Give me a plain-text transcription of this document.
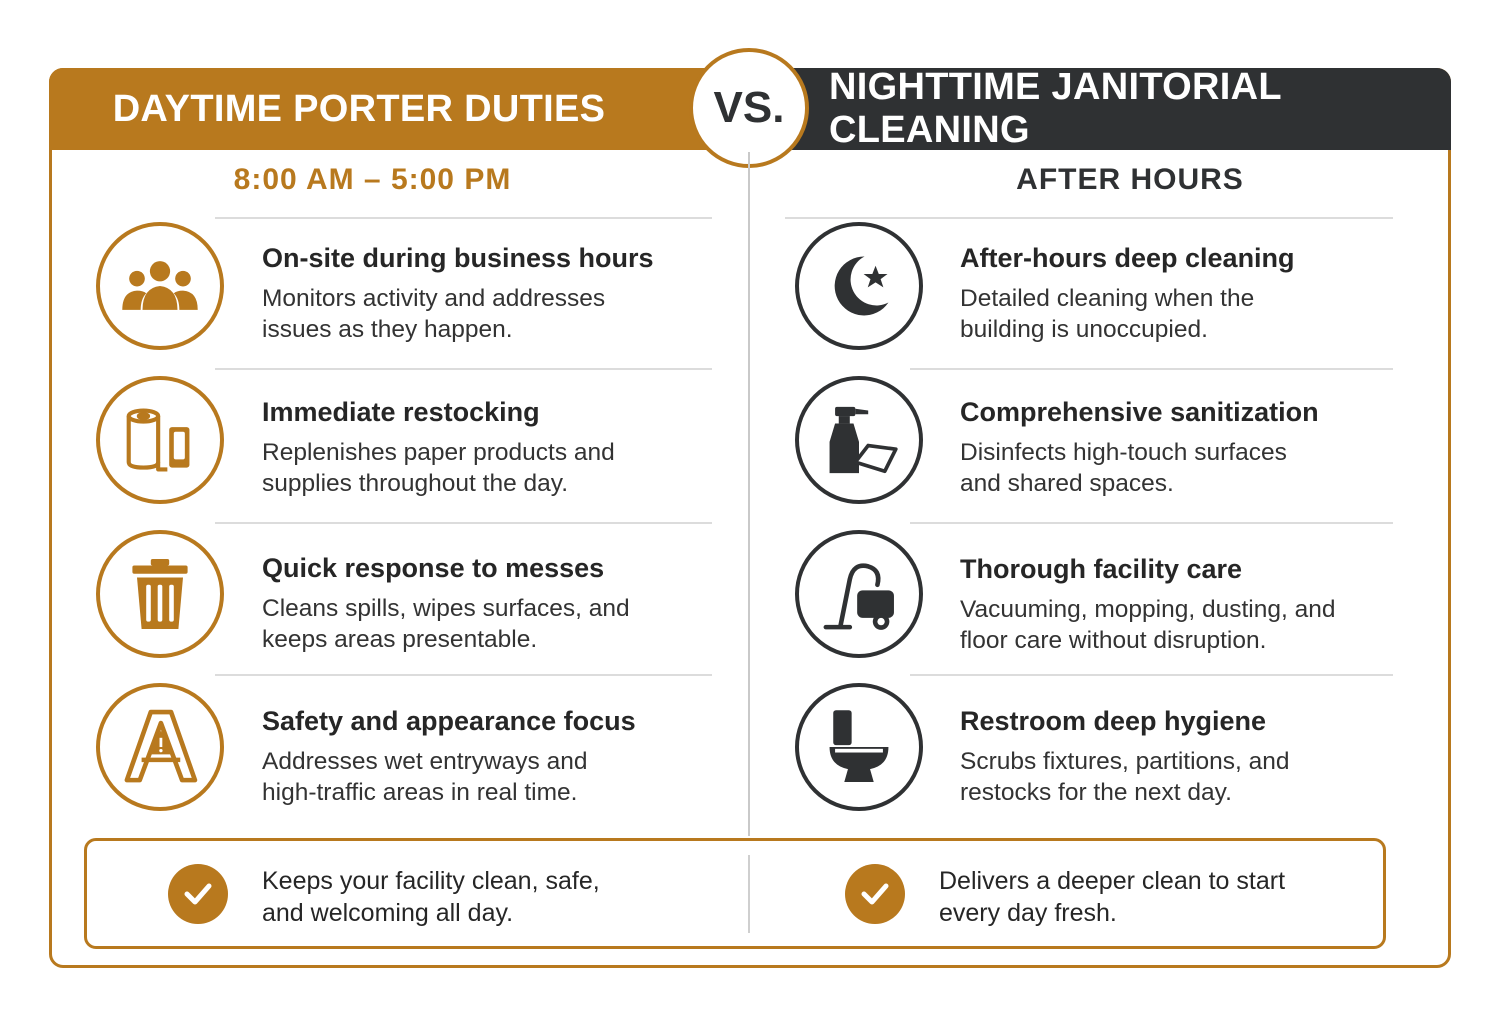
DAYTIME PORTER DUTIES
NIGHTTIME JANITORIAL CLEANING
VS.
8:00 AM – 5:00 PM	AFTER HOURS
On-site during business hours
Monitors activity and addresses
issues as they happen.
Immediate restocking
Replenishes paper products and
supplies throughout the day.
Quick response to messes
Cleans spills, wipes surfaces, and
keeps areas presentable.
Safety and appearance focus
Addresses wet entryways and
high-traffic areas in real time.
After-hours deep cleaning
Detailed cleaning when the
building is unoccupied.
Comprehensive sanitization
Disinfects high-touch surfaces
and shared spaces.
Thorough facility care
Vacuuming, mopping, dusting, and
floor care without disruption.
Restroom deep hygiene
Scrubs fixtures, partitions, and
restocks for the next day.
Keeps your facility clean, safe,
and welcoming all day.
Delivers a deeper clean to start
every day fresh.
